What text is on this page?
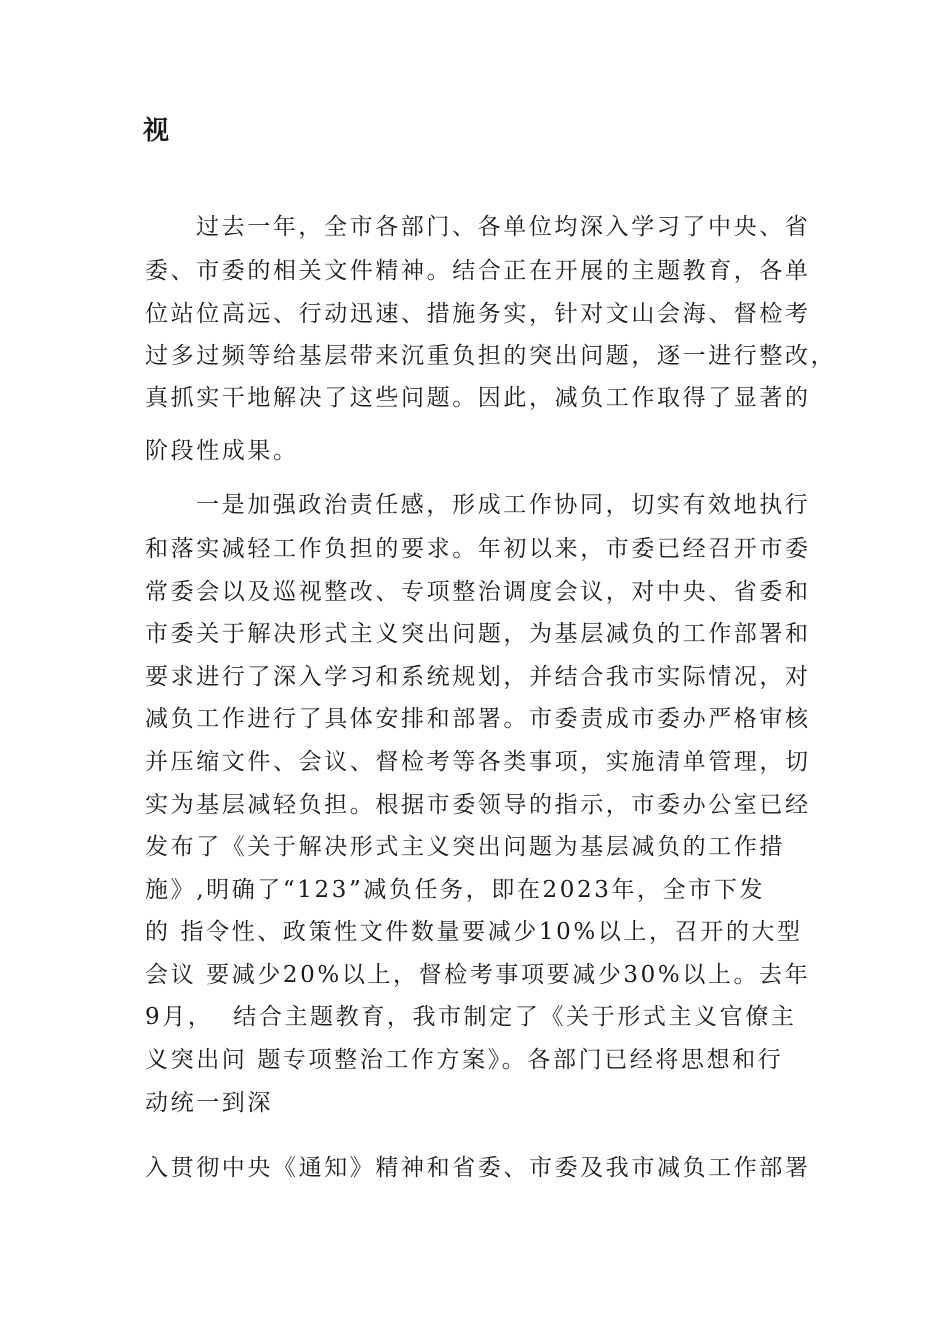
视
过去一年，全市各部门、各单位均深入学习了中央、省
委、市委的相关文件精神。结合正在开展的主题教育，各单
位站位高远、行动迅速、措施务实，针对文山会海、督检考
过多过频等给基层带来沉重负担的突出问题，逐一进行整改，
真抓实干地解决了这些问题。因此，减负工作取得了显著的
阶段性成果。
一是加强政治责任感，形成工作协同，切实有效地执行
和落实减轻工作负担的要求。年初以来，市委已经召开市委
常委会以及巡视整改、专项整治调度会议，对中央、省委和
市委关于解决形式主义突出问题，为基层减负的工作部署和
要求进行了深入学习和系统规划，并结合我市实际情况，对
减负工作进行了具体安排和部署。市委责成市委办严格审核
并压缩文件、会议、督检考等各类事项，实施清单管理，切
实为基层减轻负担。根据市委领导的指示，市委办公室已经
发布了《关于解决形式主义突出问题为基层减负的工作措
施》,明确了“123”减负任务，即在2023年，全市下发
的 指令性、政策性文件数量要减少10%以上，召开的大型
会议 要减少20%以上，督检考事项要减少30%以上。去年
9月，  结合主题教育，我市制定了《关于形式主义官僚主
义突出问 题专项整治工作方案》。各部门已经将思想和行
动统一到深
入贯彻中央《通知》精神和省委、市委及我市减负工作部署
